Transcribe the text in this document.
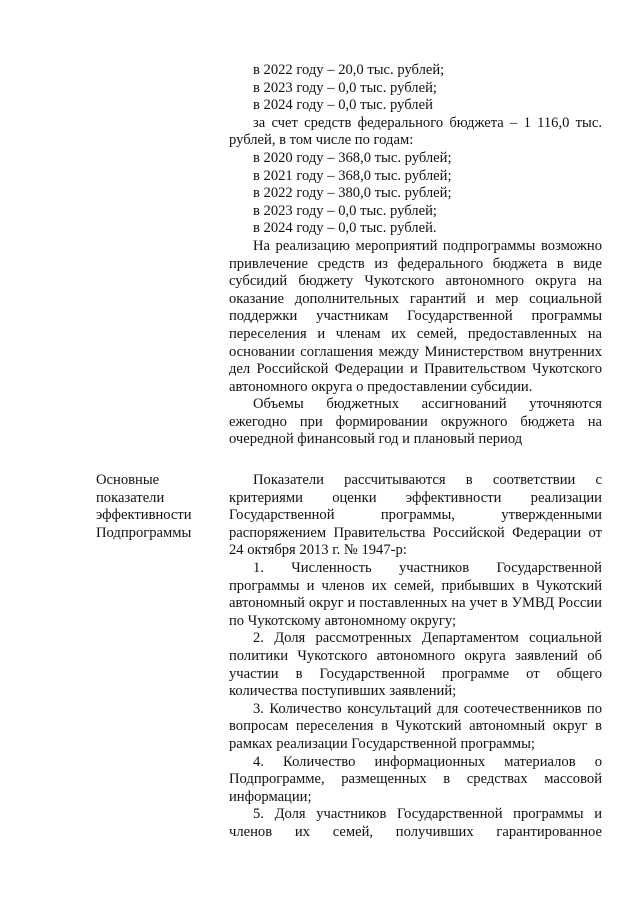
в 2022 году – 20,0 тыс. рублей;

в 2023 году – 0,0 тыс. рублей;

в 2024 году – 0,0 тыс. рублей

за счет средств федерального бюджета – 1 116,0 тыс. рублей, в том числе по годам:

в 2020 году – 368,0 тыс. рублей;

в 2021 году – 368,0 тыс. рублей;

в 2022 году – 380,0 тыс. рублей;

в 2023 году – 0,0 тыс. рублей;

в 2024 году – 0,0 тыс. рублей.

На реализацию мероприятий подпрограммы возможно привлечение средств из федерального бюджета в виде субсидий бюджету Чукотского автономного округа на оказание дополнительных гарантий и мер социальной поддержки участникам Государственной программы переселения и членам их семей, предоставленных на основании соглашения между Министерством внутренних дел Российской Федерации и Правительством Чукотского автономного округа о предоставлении субсидии.

Объемы бюджетных ассигнований уточняются ежегодно при формировании окружного бюджета на очередной финансовый год и плановый период

Основные показатели эффективности Подпрограммы

Показатели рассчитываются в соответствии с критериями оценки эффективности реализации Государственной программы, утвержденными распоряжением Правительства Российской Федерации от 24 октября 2013 г. № 1947-р:

1. Численность участников Государственной программы и членов их семей, прибывших в Чукотский автономный округ и поставленных на учет в УМВД России по Чукотскому автономному округу;

2. Доля рассмотренных Департаментом социальной политики Чукотского автономного округа заявлений об участии в Государственной программе от общего количества поступивших заявлений;

3. Количество консультаций для соотечественников по вопросам переселения в Чукотский автономный округ в рамках реализации Государственной программы;

4. Количество информационных материалов о Подпрограмме, размещенных в средствах массовой информации;

5. Доля участников Государственной программы и членов их семей, получивших гарантированное
